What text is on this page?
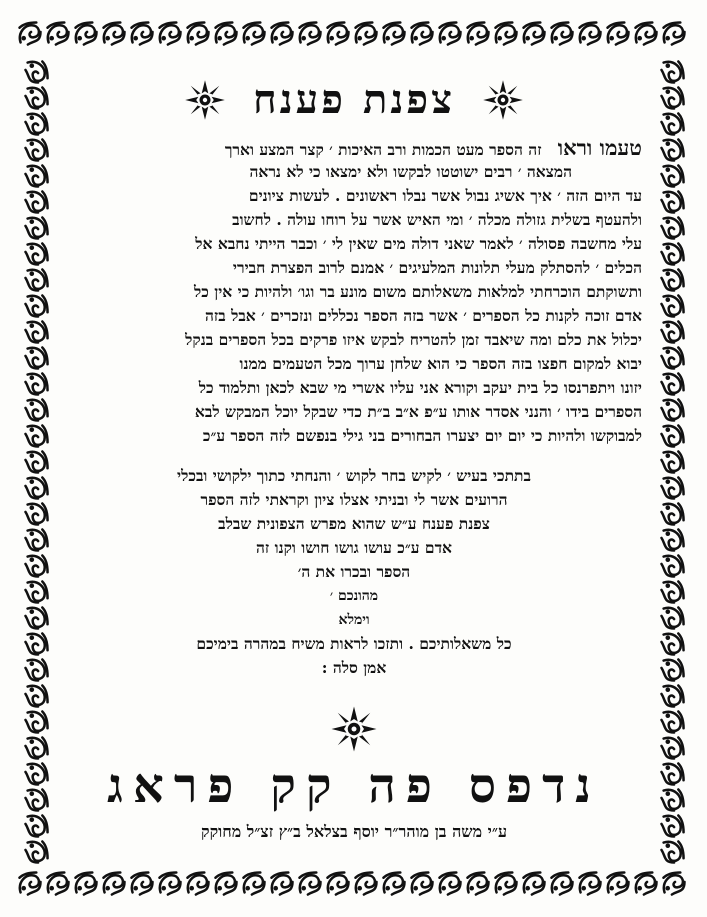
צפנת פענח
טעמו וראו   זה הספר מעט הכמות ורב האיכות ׳ קצר המצע וארך
המצאה ׳ רבים ישוטטו לבקשו ולא ימצאו כי לא נראה
עד היום הזה ׳ איך אשיג נבול אשר נבלו ראשונים . לעשות ציונים
ולהעטף בשלית גזולה מכלה ׳ ומי האיש אשר על רוחו עולה . לחשוב
עלי מחשבה פסולה ׳ לאמר שאני דולה מים שאין לי ׳ וכבר הייתי נחבא אל
הכלים ׳ להסתלק מעלי תלונות המלעיגים ׳ אמנם לרוב הפצרת חבירי
ותשוקתם הוכרחתי למלאות משאלותם משום מונע בר וגו׳ ולהיות כי אין כל
אדם זוכה לקנות כל הספרים ׳ אשר בזה הספר נכללים ונזכרים ׳ אבל בזה
יכלול את כלם ומה שיאבד זמן להטריח לבקש איזו פרקים בכל הספרים בנקל
יבוא למקום חפצו בזה הספר כי הוא שלחן ערוך מכל הטעמים ממנו
יזונו ויתפרנסו כל בית יעקב וקורא אני עליו אשרי מי שבא לכאן ותלמוד כל
הספרים בידו ׳ והנני אסדר אותו ע״פ א״ב ב״ת כדי שבקל יוכל המבקש לבא
למבוקשו ולהיות כי יום יום יצערו הבחורים בני גילי בנפשם לזה הספר ע״כ
בתתכי בעיש ׳ לקיש בחר לקוש ׳ והנחתי כתוך ילקושי ובכלי
הרועים אשר לי ובניתי אצלו ציון וקראתי לזה הספר
צפנת פענח ע״ש שהוא מפרש הצפונית שבלב
אדם ע״כ עושו גושו חושו וקנו זה
הספר ובכרו את ה׳
מהונכם ׳
וימלא
כל משאלותיכם . ותזכו לראות משיח במהרה בימיכם
אמן סלה :
נדפס פה קק פראג
ע״י משה בן מוהר״ר יוסף בצלאל ב״ץ זצ״ל מחוקק
